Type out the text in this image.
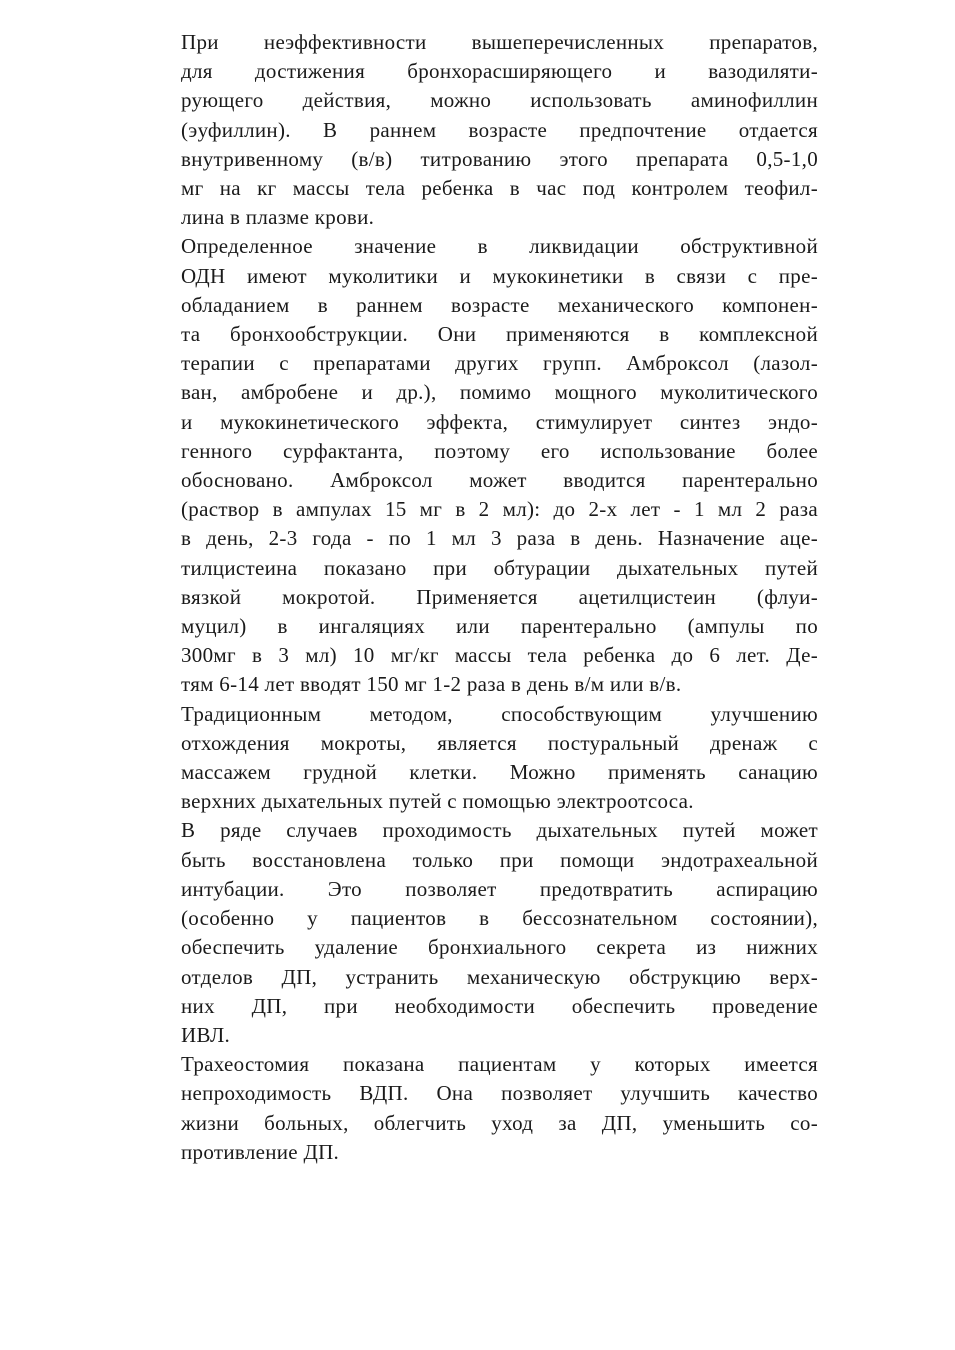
При неэффективности вышеперечисленных препаратов,
для достижения бронхорасширяющего и вазодиляти-
рующего действия, можно использовать аминофиллин
(эуфиллин). В раннем возрасте предпочтение отдается
внутривенному (в/в) титрованию этого препарата 0,5-1,0
мг на кг массы тела ребенка в час под контролем теофил-
лина в плазме крови.
Определенное значение в ликвидации обструктивной
ОДН имеют муколитики и мукокинетики в связи с пре-
обладанием в раннем возрасте механического компонен-
та бронхообструкции. Они применяются в комплексной
терапии с препаратами других групп. Амброксол (лазол-
ван, амбробене и др.), помимо мощного муколитического
и мукокинетического эффекта, стимулирует синтез эндо-
генного сурфактанта, поэтому его использование более
обосновано. Амброксол может вводится парентерально
(раствор в ампулах 15 мг в 2 мл): до 2-х лет - 1 мл 2 раза
в день, 2-3 года - по 1 мл 3 раза в день. Назначение аце-
тилцистеина показано при обтурации дыхательных путей
вязкой мокротой. Применяется ацетилцистеин (флуи-
муцил) в ингаляциях или парентерально (ампулы по
300мг в 3 мл) 10 мг/кг массы тела ребенка до 6 лет. Де-
тям 6-14 лет вводят 150 мг 1-2 раза в день в/м или в/в.
Традиционным методом, способствующим улучшению
отхождения мокроты, является постуральный дренаж с
массажем грудной клетки. Можно применять санацию
верхних дыхательных путей с помощью электроотсоса.
В ряде случаев проходимость дыхательных путей может
быть восстановлена только при помощи эндотрахеальной
интубации. Это позволяет предотвратить аспирацию
(особенно у пациентов в бессознательном состоянии),
обеспечить удаление бронхиального секрета из нижних
отделов ДП, устранить механическую обструкцию верх-
них ДП, при необходимости обеспечить проведение
ИВЛ.
Трахеостомия показана пациентам у которых имеется
непроходимость ВДП. Она позволяет улучшить качество
жизни больных, облегчить уход за ДП, уменьшить со-
противление ДП.
